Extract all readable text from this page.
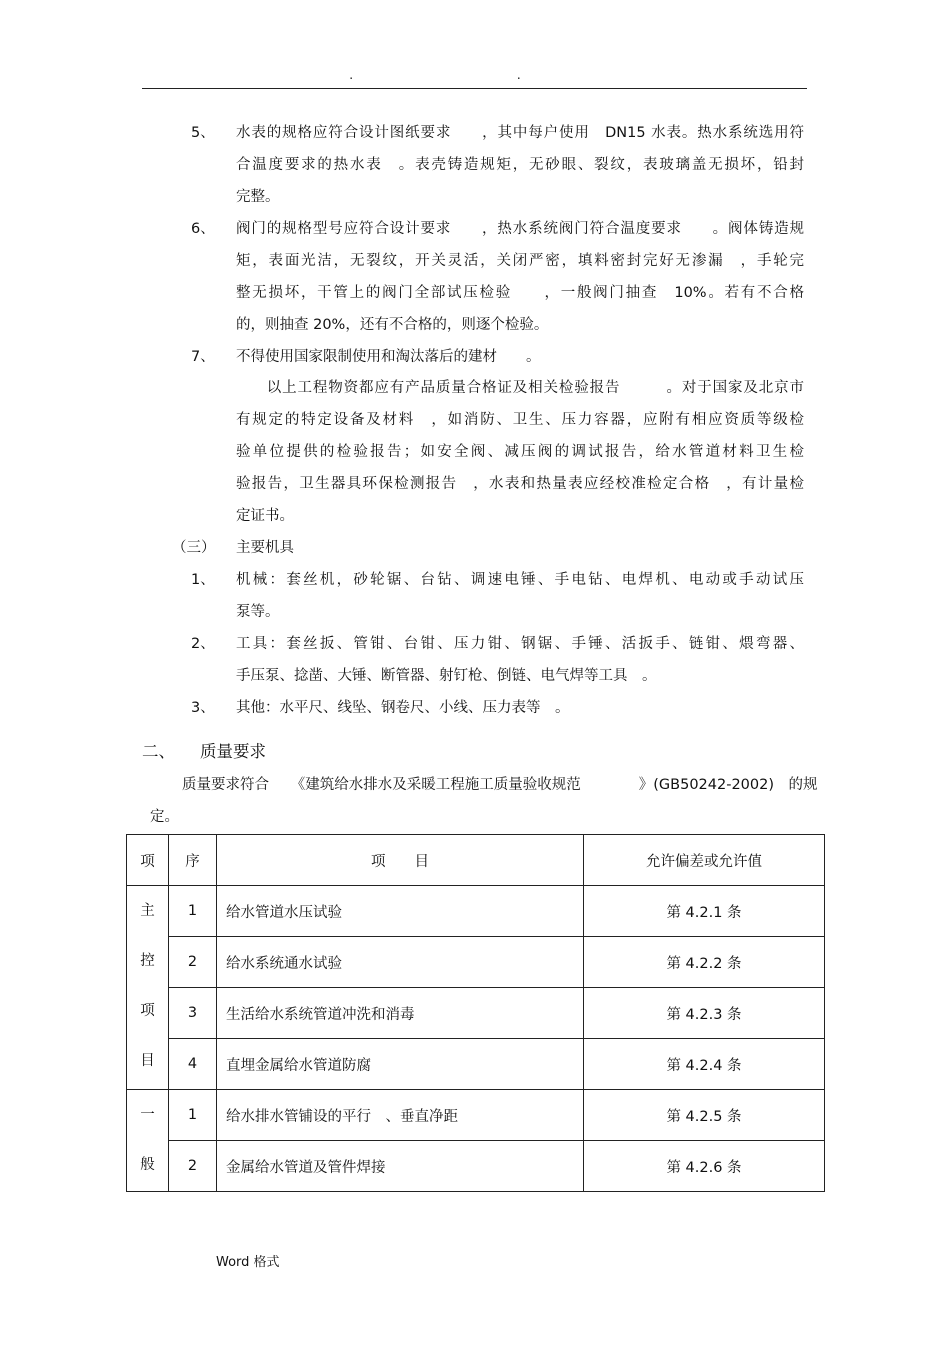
. .
5、 水表的规格应符合设计图纸要求　　，其中每户使用　DN15 水表。热水系统选用符
合温度要求的热水表　。表壳铸造规矩，无砂眼、裂纹，表玻璃盖无损坏，铅封
完整。
6、 阀门的规格型号应符合设计要求　　，热水系统阀门符合温度要求　　。阀体铸造规
矩，表面光洁，无裂纹，开关灵活，关闭严密，填料密封完好无渗漏　，手轮完
整无损坏，干管上的阀门全部试压检验　　，一般阀门抽查　10%。若有不合格
的，则抽查 20%，还有不合格的，则逐个检验。
7、 不得使用国家限制使用和淘汰落后的建材　　。
　　以上工程物资都应有产品质量合格证及相关检验报告　　　。对于国家及北京市
有规定的特定设备及材料　，如消防、卫生、压力容器，应附有相应资质等级检
验单位提供的检验报告；如安全阀、减压阀的调试报告，给水管道材料卫生检
验报告，卫生器具环保检测报告　，水表和热量表应经校准检定合格　，有计量检
定证书。
（三） 主要机具
1、 机械：套丝机，砂轮锯、台钻、调速电锤、手电钻、电焊机、电动或手动试压
泵等。
2、 工具：套丝扳、管钳、台钳、压力钳、钢锯、手锤、活扳手、链钳、煨弯器、
手压泵、捻凿、大锤、断管器、射钉枪、倒链、电气焊等工具　。
3、 其他：水平尺、线坠、钢卷尺、小线、压力表等　。
二、 质量要求
质量要求符合　　《建筑给水排水及采暖工程施工质量验收规范　　　　》(GB50242-2002)　的规
定。
项	序	项　　目	允许偏差或允许值

主
控
项
目	1	给水管道水压试验	第 4.2.1 条
	2	给水系统通水试验	第 4.2.2 条
	3	生活给水系统管道冲洗和消毒	第 4.2.3 条
	4	直埋金属给水管道防腐	第 4.2.4 条

一
般	1	给水排水管铺设的平行　、垂直净距	第 4.2.5 条
	2	金属给水管道及管件焊接	第 4.2.6 条
Word 格式
